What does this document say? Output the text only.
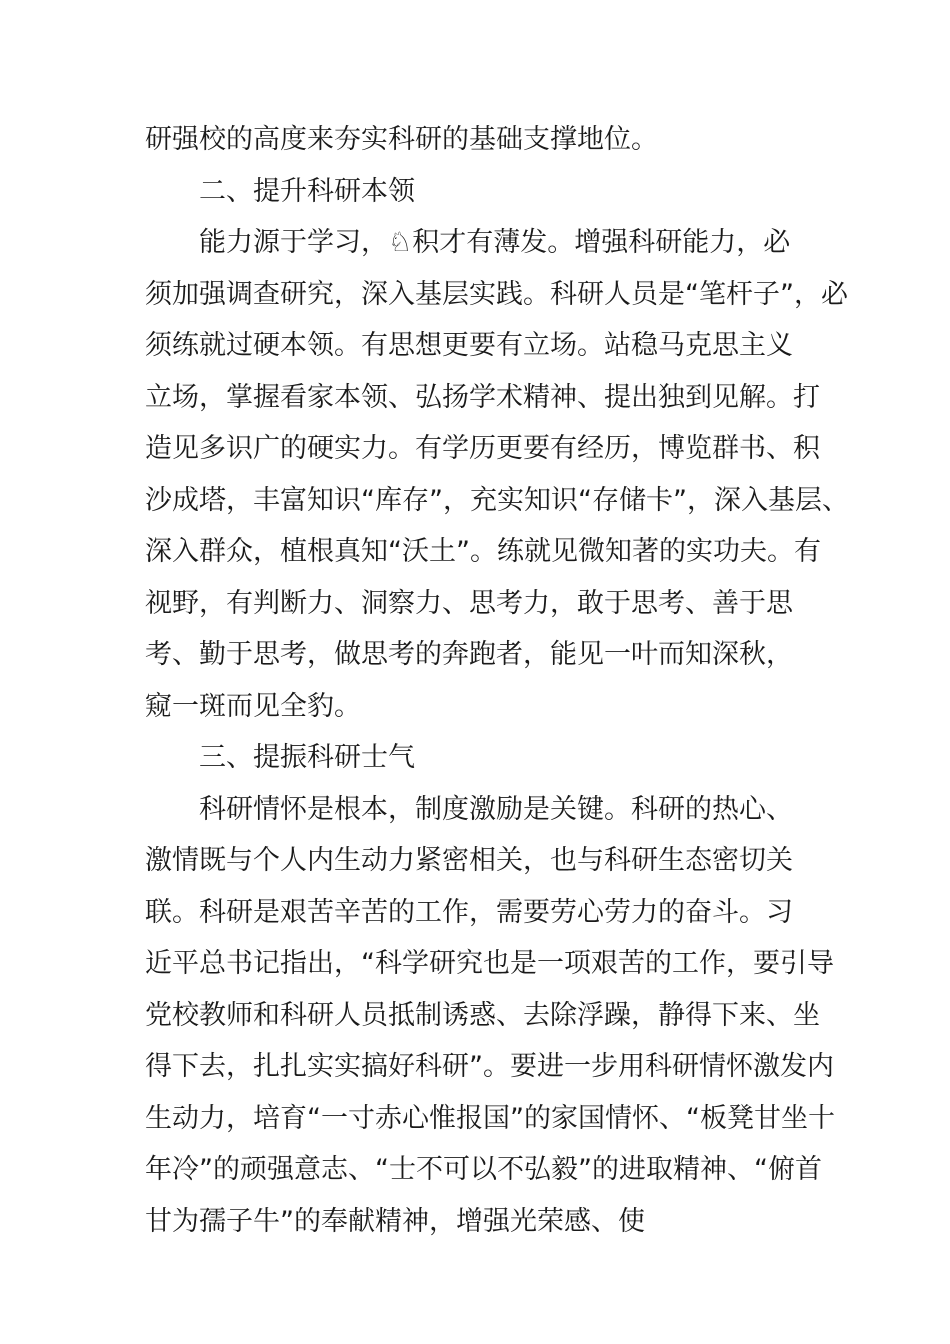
研强校的高度来夯实科研的基础支撑地位。
二、提升科研本领
能力源于学习，♘积才有薄发。增强科研能力，必
须加强调查研究，深入基层实践。科研人员是“笔杆子”，必
须练就过硬本领。有思想更要有立场。站稳马克思主义
立场，掌握看家本领、弘扬学术精神、提出独到见解。打
造见多识广的硬实力。有学历更要有经历，博览群书、积
沙成塔，丰富知识“库存”，充实知识“存储卡”，深入基层、
深入群众，植根真知“沃土”。练就见微知著的实功夫。有
视野，有判断力、洞察力、思考力，敢于思考、善于思
考、勤于思考，做思考的奔跑者，能见一叶而知深秋，
窥一斑而见全豹。
三、提振科研士气
科研情怀是根本，制度激励是关键。科研的热心、
激情既与个人内生动力紧密相关，也与科研生态密切关
联。科研是艰苦辛苦的工作，需要劳心劳力的奋斗。习
近平总书记指出，“科学研究也是一项艰苦的工作，要引导
党校教师和科研人员抵制诱惑、去除浮躁，静得下来、坐
得下去，扎扎实实搞好科研”。要进一步用科研情怀激发内
生动力，培育“一寸赤心惟报国”的家国情怀、“板凳甘坐十
年冷”的顽强意志、“士不可以不弘毅”的进取精神、“俯首
甘为孺子牛”的奉献精神，增强光荣感、使
